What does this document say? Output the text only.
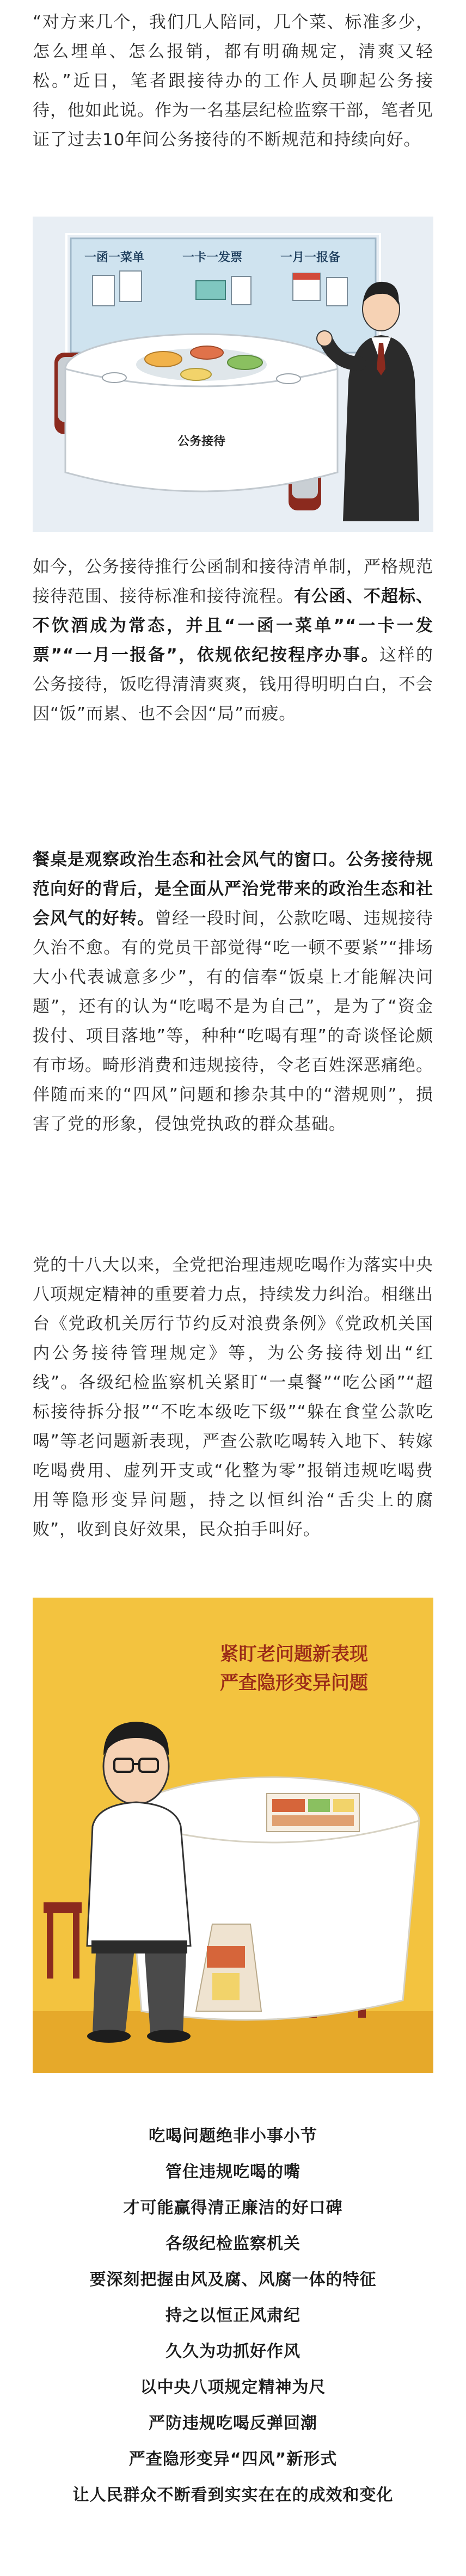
“对方来几个，我们几人陪同，几个菜、标准多少，怎么埋单、怎么报销，都有明确规定，清爽又轻松。”近日，笔者跟接待办的工作人员聊起公务接待，他如此说。作为一名基层纪检监察干部，笔者见证了过去10年间公务接待的不断规范和持续向好。

一函一菜单	一卡一发票	一月一报备
公务接待

如今，公务接待推行公函制和接待清单制，严格规范接待范围、接待标准和接待流程。有公函、不超标、不饮酒成为常态，并且“一函一菜单”“一卡一发票”“一月一报备”，依规依纪按程序办事。这样的公务接待，饭吃得清清爽爽，钱用得明明白白，不会因“饭”而累、也不会因“局”而疲。

餐桌是观察政治生态和社会风气的窗口。公务接待规范向好的背后，是全面从严治党带来的政治生态和社会风气的好转。曾经一段时间，公款吃喝、违规接待久治不愈。有的党员干部觉得“吃一顿不要紧”“排场大小代表诚意多少”，有的信奉“饭桌上才能解决问题”，还有的认为“吃喝不是为自己”，是为了“资金拨付、项目落地”等，种种“吃喝有理”的奇谈怪论颇有市场。畸形消费和违规接待，令老百姓深恶痛绝。伴随而来的“四风”问题和掺杂其中的“潜规则”，损害了党的形象，侵蚀党执政的群众基础。

党的十八大以来，全党把治理违规吃喝作为落实中央八项规定精神的重要着力点，持续发力纠治。相继出台《党政机关厉行节约反对浪费条例》《党政机关国内公务接待管理规定》等，为公务接待划出“红线”。各级纪检监察机关紧盯“一桌餐”“吃公函”“超标接待拆分报”“不吃本级吃下级”“躲在食堂公款吃喝”等老问题新表现，严查公款吃喝转入地下、转嫁吃喝费用、虚列开支或“化整为零”报销违规吃喝费用等隐形变异问题，持之以恒纠治“舌尖上的腐败”，收到良好效果，民众拍手叫好。

紧盯老问题新表现
严查隐形变异问题
吃喝问题绝非小事小节
管住违规吃喝的嘴
才可能赢得清正廉洁的好口碑
各级纪检监察机关
要深刻把握由风及腐、风腐一体的特征
持之以恒正风肃纪
久久为功抓好作风
以中央八项规定精神为尺
严防违规吃喝反弹回潮
严查隐形变异“四风”新形式
让人民群众不断看到实实在在的成效和变化
